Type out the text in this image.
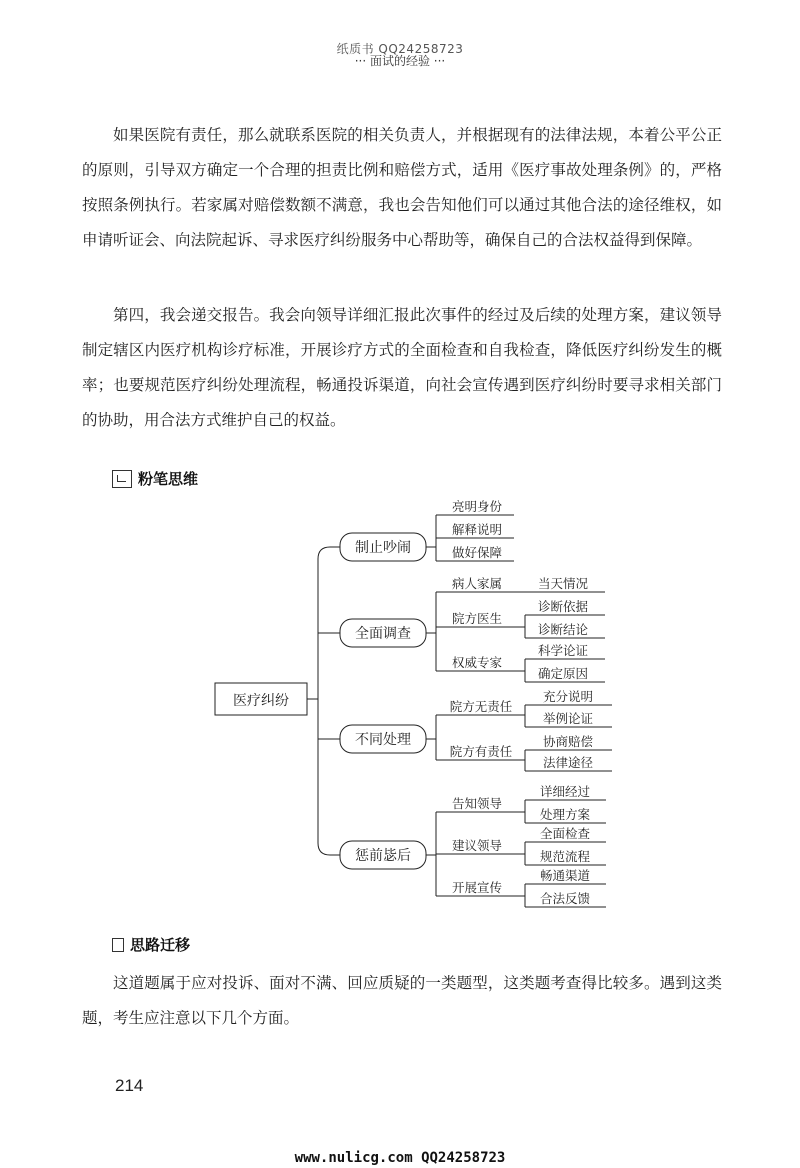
纸质书 QQ24258723
··· 面试的经验 ···

如果医院有责任，那么就联系医院的相关负责人，并根据现有的法律法规，本着公平公正的原则，引导双方确定一个合理的担责比例和赔偿方式，适用《医疗事故处理条例》的，严格按照条例执行。若家属对赔偿数额不满意，我也会告知他们可以通过其他合法的途径维权，如申请听证会、向法院起诉、寻求医疗纠纷服务中心帮助等，确保自己的合法权益得到保障。

第四，我会递交报告。我会向领导详细汇报此次事件的经过及后续的处理方案，建议领导制定辖区内医疗机构诊疗标准，开展诊疗方式的全面检查和自我检查，降低医疗纠纷发生的概率；也要规范医疗纠纷处理流程，畅通投诉渠道，向社会宣传遇到医疗纠纷时要寻求相关部门的协助，用合法方式维护自己的权益。

粉笔思维
医疗纠纷
制止吵闹
全面调查
不同处理
惩前毖后
亮明身份
解释说明
做好保障
病人家属
院方医生
权威专家
当天情况
诊断依据
诊断结论
科学论证
确定原因
院方无责任
院方有责任
充分说明
举例论证
协商赔偿
法律途径
告知领导
建议领导
开展宣传
详细经过
处理方案
全面检查
规范流程
畅通渠道
合法反馈
思路迁移

这道题属于应对投诉、面对不满、回应质疑的一类题型，这类题考查得比较多。遇到这类题，考生应注意以下几个方面。

214
www.nulicg.com QQ24258723
